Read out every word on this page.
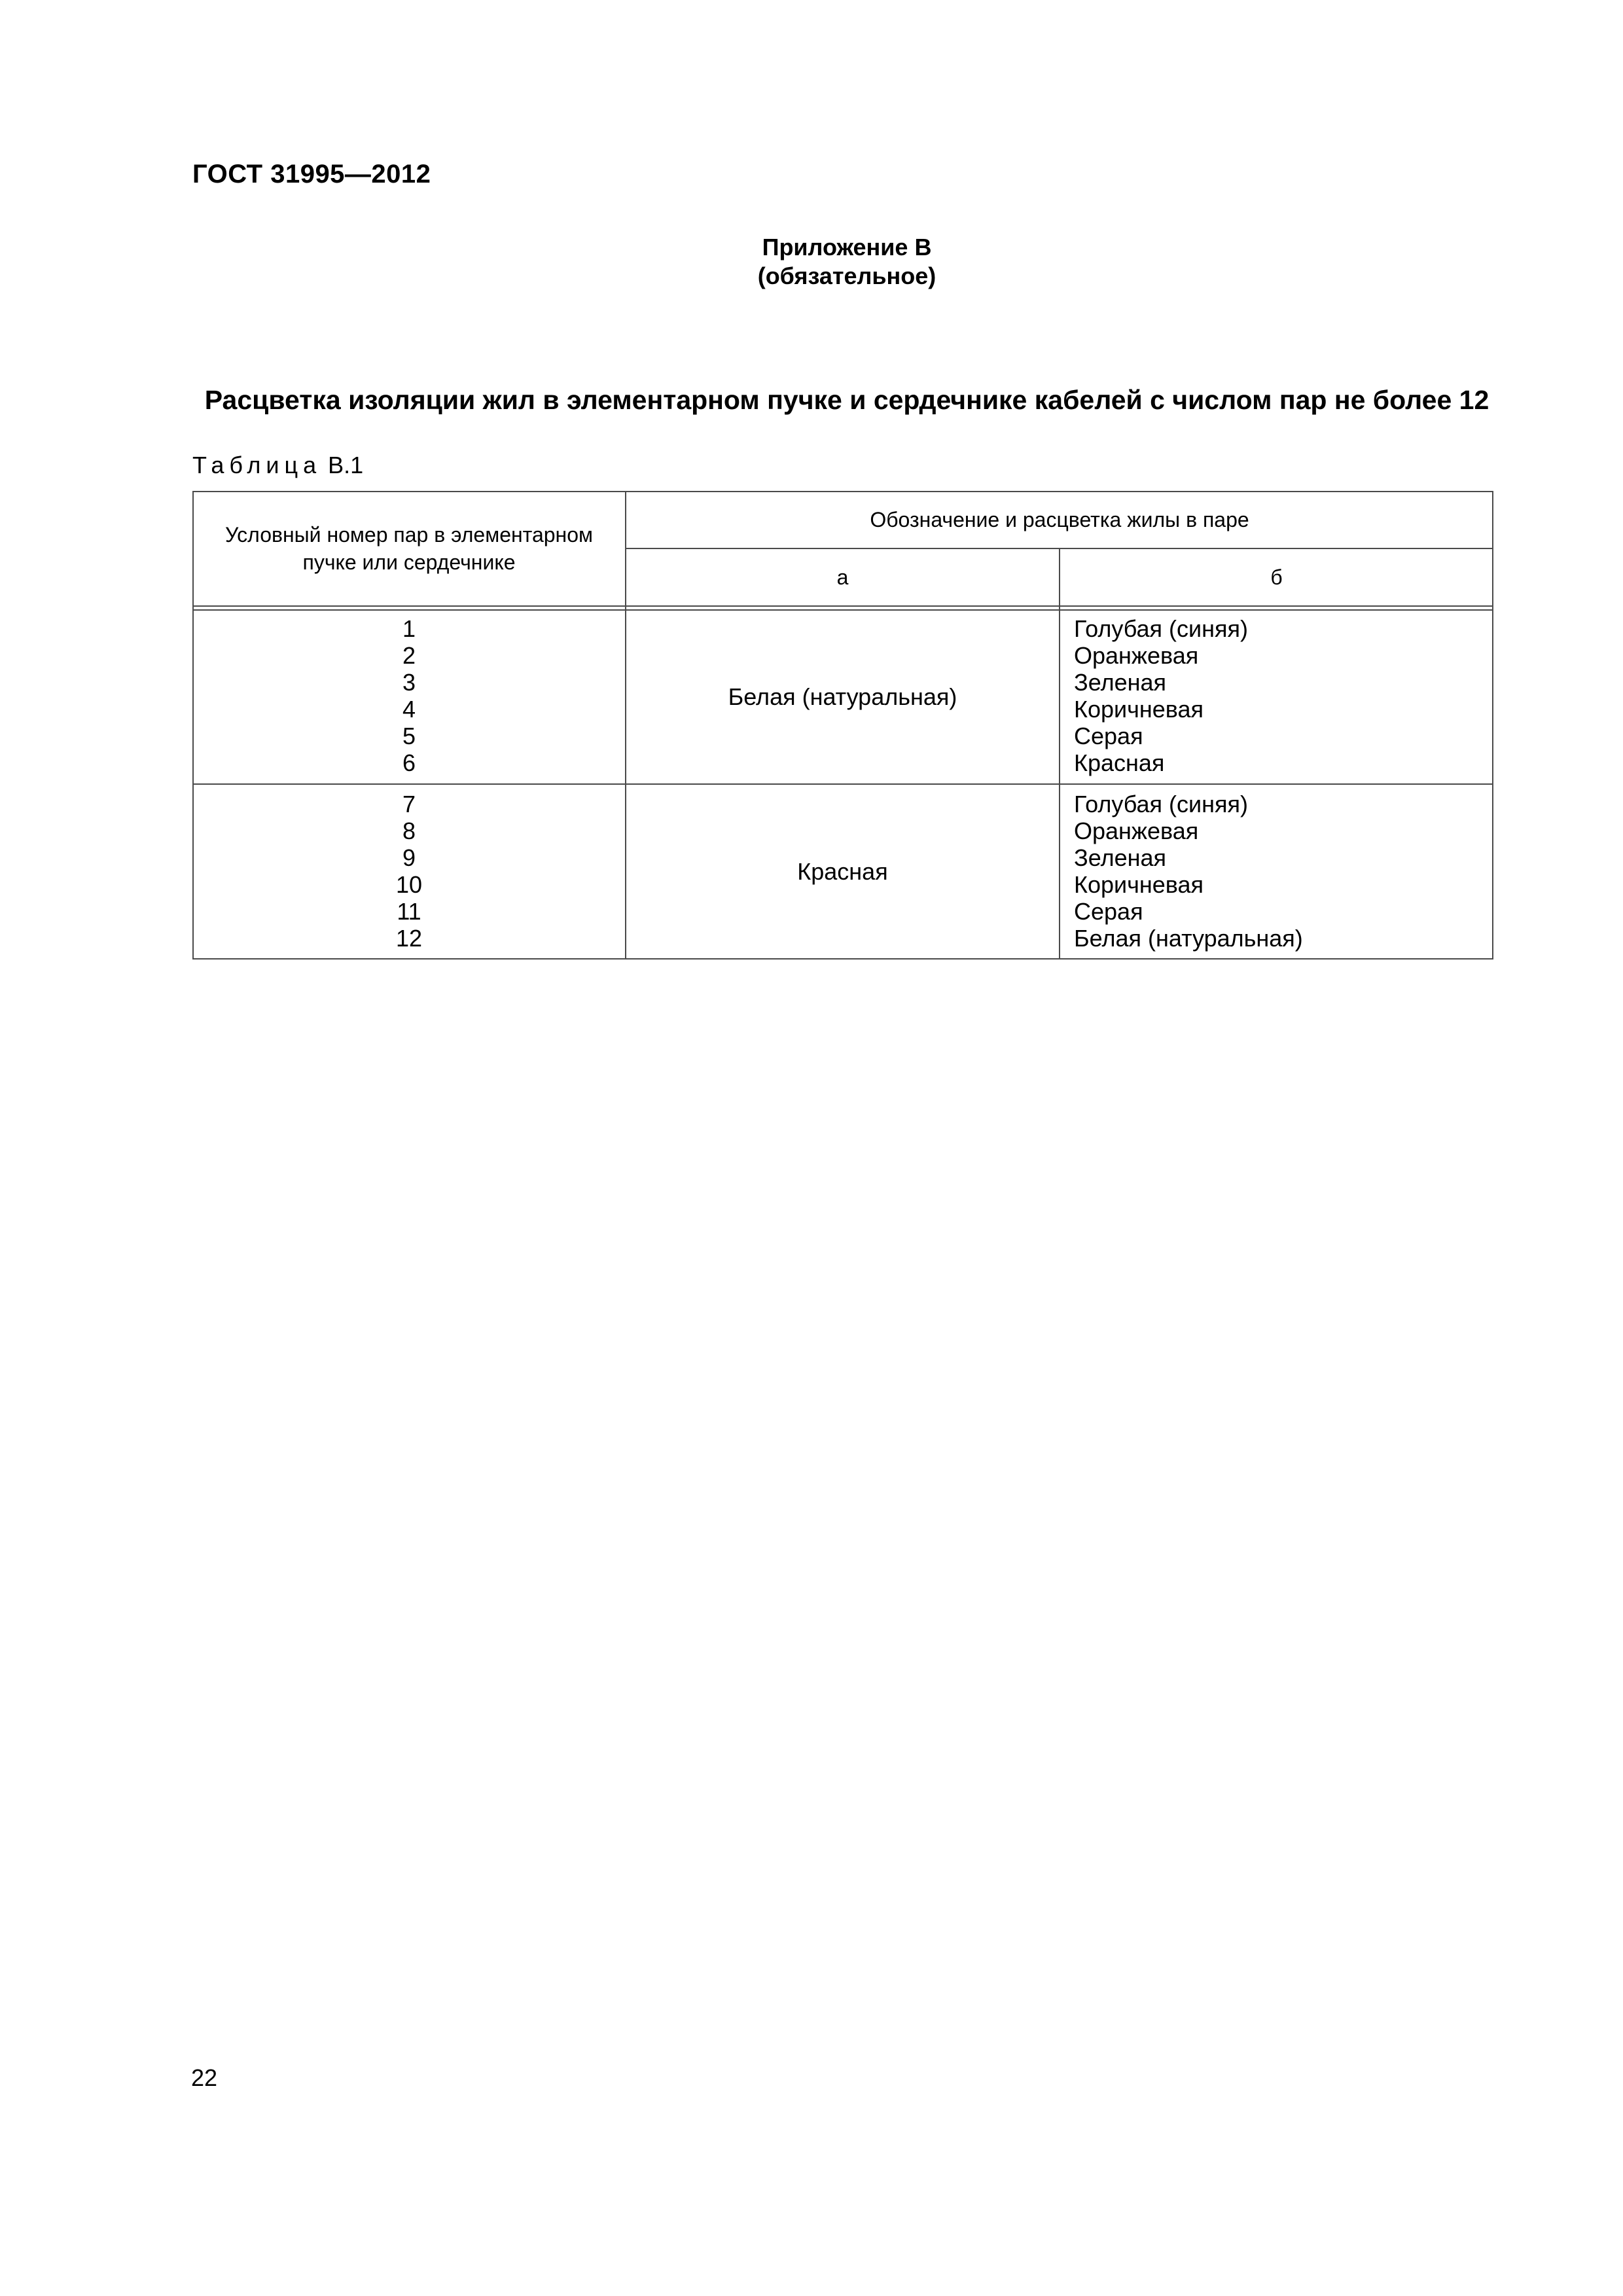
ГОСТ 31995—2012
Приложение В
(обязательное)
Расцветка изоляции жил в элементарном пучке и сердечнике кабелей с числом пар не более 12
Таблица В.1
Условный номер пар в элементарном пучке или сердечнике
Обозначение и расцветка жилы в паре
а	б
1
2
3
4
5
6
Белая (натуральная)
Голубая (синяя)
Оранжевая
Зеленая
Коричневая
Серая
Красная
7
8
9
10
11
12
Красная
Голубая (синяя)
Оранжевая
Зеленая
Коричневая
Серая
Белая (натуральная)
22
